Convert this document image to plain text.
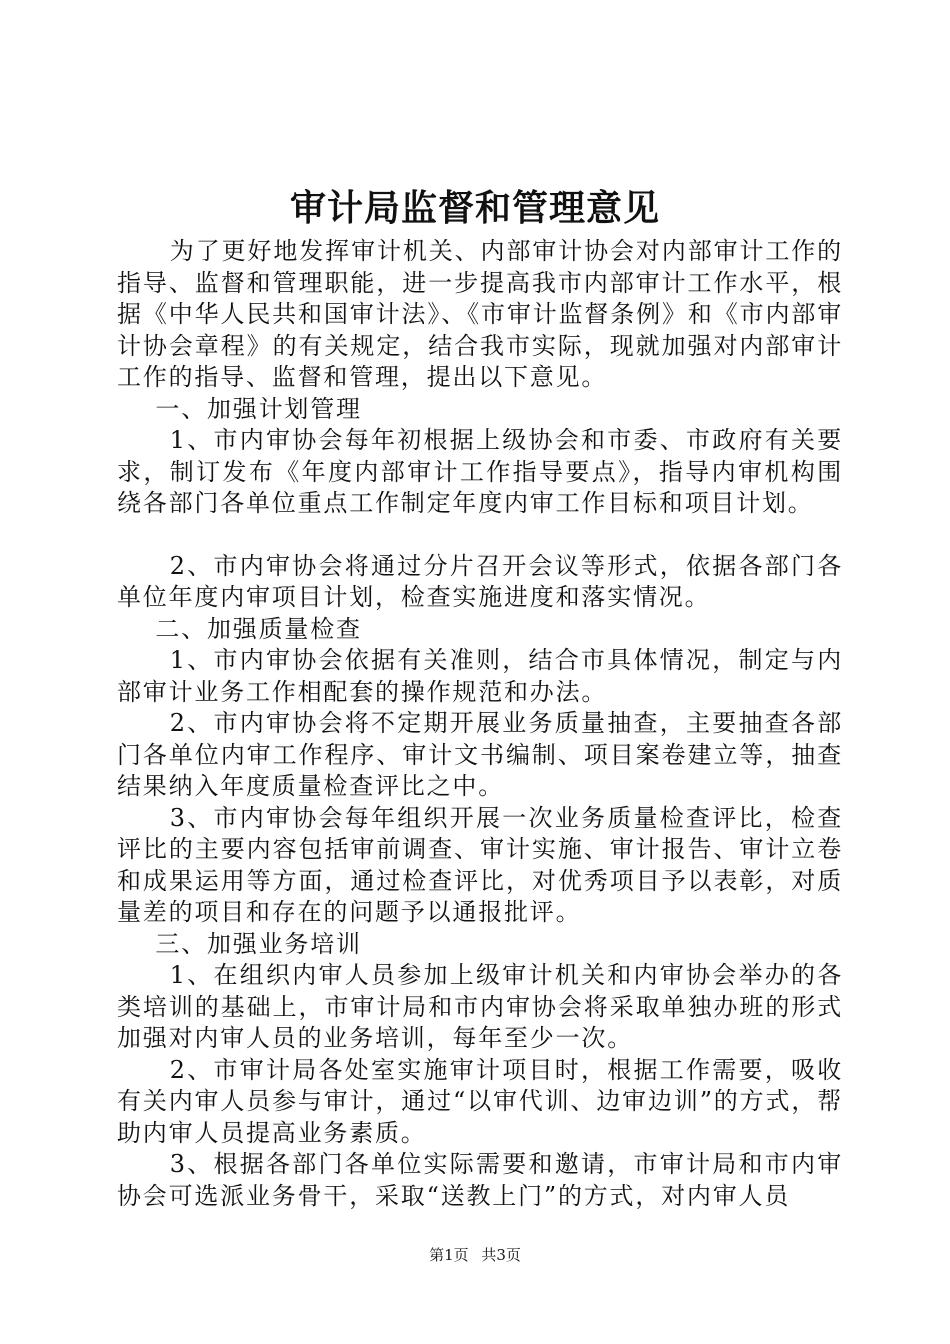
审计局监督和管理意见

为了更好地发挥审计机关、内部审计协会对内部审计工作的指导、监督和管理职能，进一步提高我市内部审计工作水平，根据《中华人民共和国审计法》、《市审计监督条例》和《市内部审计协会章程》的有关规定，结合我市实际，现就加强对内部审计工作的指导、监督和管理，提出以下意见。

一、加强计划管理

1、市内审协会每年初根据上级协会和市委、市政府有关要求，制订发布《年度内部审计工作指导要点》，指导内审机构围绕各部门各单位重点工作制定年度内审工作目标和项目计划。

2、市内审协会将通过分片召开会议等形式，依据各部门各单位年度内审项目计划，检查实施进度和落实情况。

二、加强质量检查

1、市内审协会依据有关准则，结合市具体情况，制定与内部审计业务工作相配套的操作规范和办法。

2、市内审协会将不定期开展业务质量抽查，主要抽查各部门各单位内审工作程序、审计文书编制、项目案卷建立等，抽查结果纳入年度质量检查评比之中。

3、市内审协会每年组织开展一次业务质量检查评比，检查评比的主要内容包括审前调查、审计实施、审计报告、审计立卷和成果运用等方面，通过检查评比，对优秀项目予以表彰，对质量差的项目和存在的问题予以通报批评。

三、加强业务培训

1、在组织内审人员参加上级审计机关和内审协会举办的各类培训的基础上，市审计局和市内审协会将采取单独办班的形式加强对内审人员的业务培训，每年至少一次。

2、市审计局各处室实施审计项目时，根据工作需要，吸收有关内审人员参与审计，通过“以审代训、边审边训”的方式，帮助内审人员提高业务素质。

3、根据各部门各单位实际需要和邀请，市审计局和市内审协会可选派业务骨干，采取“送教上门”的方式，对内审人员

第1页 共3页
